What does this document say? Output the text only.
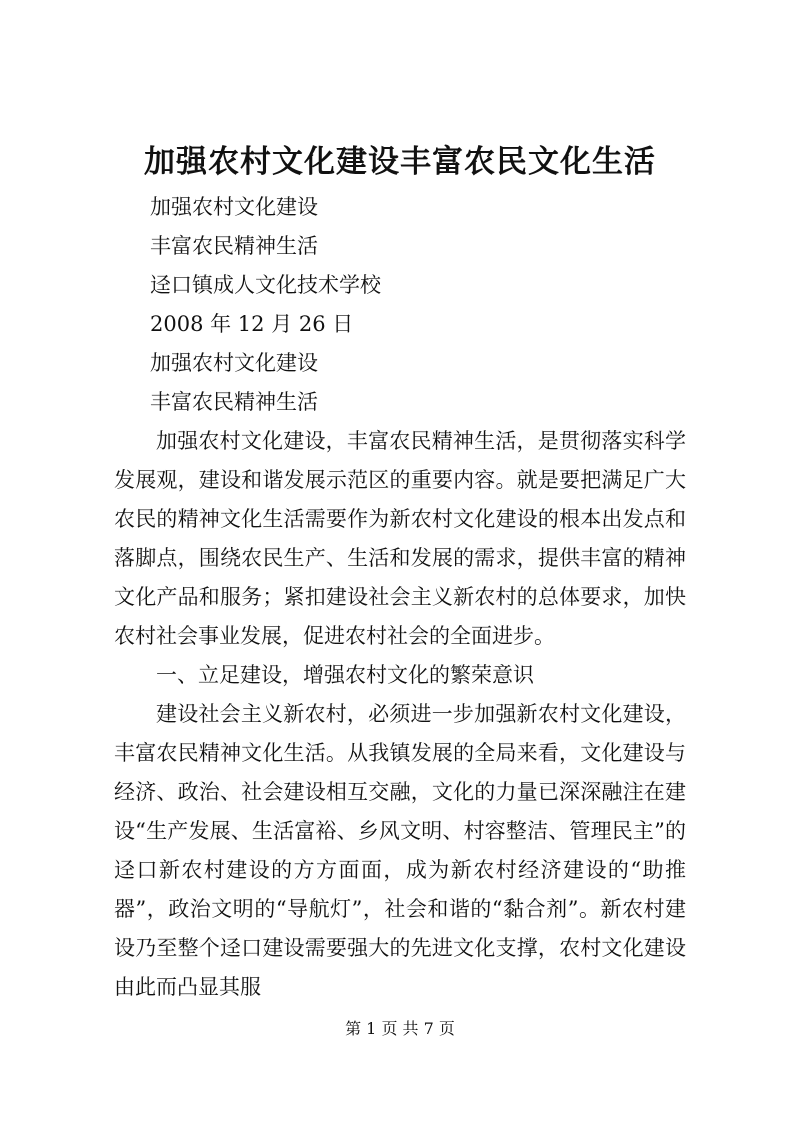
加强农村文化建设丰富农民文化生活

加强农村文化建设

丰富农民精神生活

迳口镇成人文化技术学校

2008 年 12 月 26 日

加强农村文化建设

丰富农民精神生活

加强农村文化建设，丰富农民精神生活，是贯彻落实科学发展观，建设和谐发展示范区的重要内容。就是要把满足广大农民的精神文化生活需要作为新农村文化建设的根本出发点和落脚点，围绕农民生产、生活和发展的需求，提供丰富的精神文化产品和服务；紧扣建设社会主义新农村的总体要求，加快农村社会事业发展，促进农村社会的全面进步。

一、立足建设，增强农村文化的繁荣意识

建设社会主义新农村，必须进一步加强新农村文化建设，丰富农民精神文化生活。从我镇发展的全局来看，文化建设与经济、政治、社会建设相互交融，文化的力量已深深融注在建设“生产发展、生活富裕、乡风文明、村容整洁、管理民主”的迳口新农村建设的方方面面，成为新农村经济建设的“助推器”，政治文明的“导航灯”，社会和谐的“黏合剂”。新农村建设乃至整个迳口建设需要强大的先进文化支撑，农村文化建设由此而凸显其服

第 1 页 共 7 页
